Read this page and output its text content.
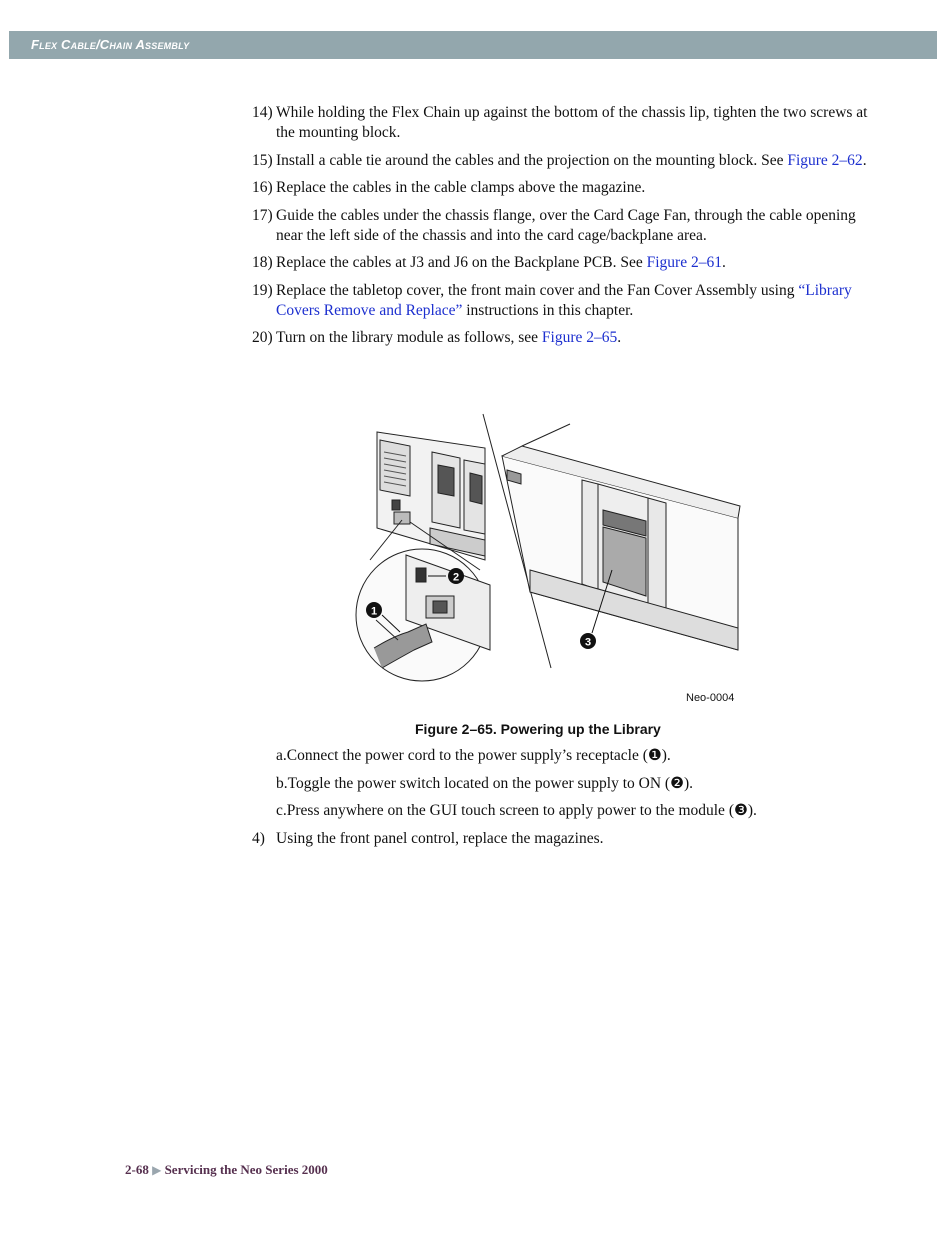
Flex Cable/Chain Assembly
14) While holding the Flex Chain up against the bottom of the chassis lip, tighten the two screws at the mounting block.
15) Install a cable tie around the cables and the projection on the mounting block. See Figure 2–62.
16) Replace the cables in the cable clamps above the magazine.
17) Guide the cables under the chassis flange, over the Card Cage Fan, through the cable opening near the left side of the chassis and into the card cage/backplane area.
18) Replace the cables at J3 and J6 on the Backplane PCB. See Figure 2–61.
19) Replace the tabletop cover, the front main cover and the Fan Cover Assembly using “Library Covers Remove and Replace” instructions in this chapter.
20) Turn on the library module as follows, see Figure 2–65.
1
2
3
Neo-0004
Figure 2–65. Powering up the Library
a.Connect the power cord to the power supply’s receptacle (❶).
b.Toggle the power switch located on the power supply to ON (❷).
c.Press anywhere on the GUI touch screen to apply power to the module (❸).
4) Using the front panel control, replace the magazines.
2-68 ▶ Servicing the Neo Series 2000
